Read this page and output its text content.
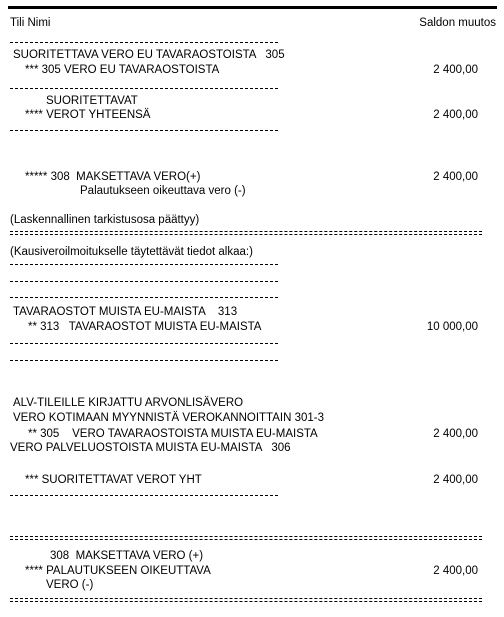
Tili Nimi	Saldon muutos
SUORITETTAVA VERO EU TAVARAOSTOISTA   305
*** 305 VERO EU TAVARAOSTOISTA	2 400,00
SUORITETTAVAT
**** VEROT YHTEENSÄ	2 400,00
***** 308  MAKSETTAVA VERO(+)	2 400,00
Palautukseen oikeuttava vero (-)
(Laskennallinen tarkistusosa päättyy)
(Kausiveroilmoitukselle täytettävät tiedot alkaa:)
TAVARAOSTOT MUISTA EU-MAISTA    313
** 313   TAVARAOSTOT MUISTA EU-MAISTA	10 000,00
ALV-TILEILLE KIRJATTU ARVONLISÄVERO
VERO KOTIMAAN MYYNNISTÄ VEROKANNOITTAIN 301-3
** 305    VERO TAVARAOSTOISTA MUISTA EU-MAISTA	2 400,00
VERO PALVELUOSTOISTA MUISTA EU-MAISTA   306
*** SUORITETTAVAT VEROT YHT	2 400,00
308  MAKSETTAVA VERO (+)
**** PALAUTUKSEEN OIKEUTTAVA	2 400,00
VERO (-)
